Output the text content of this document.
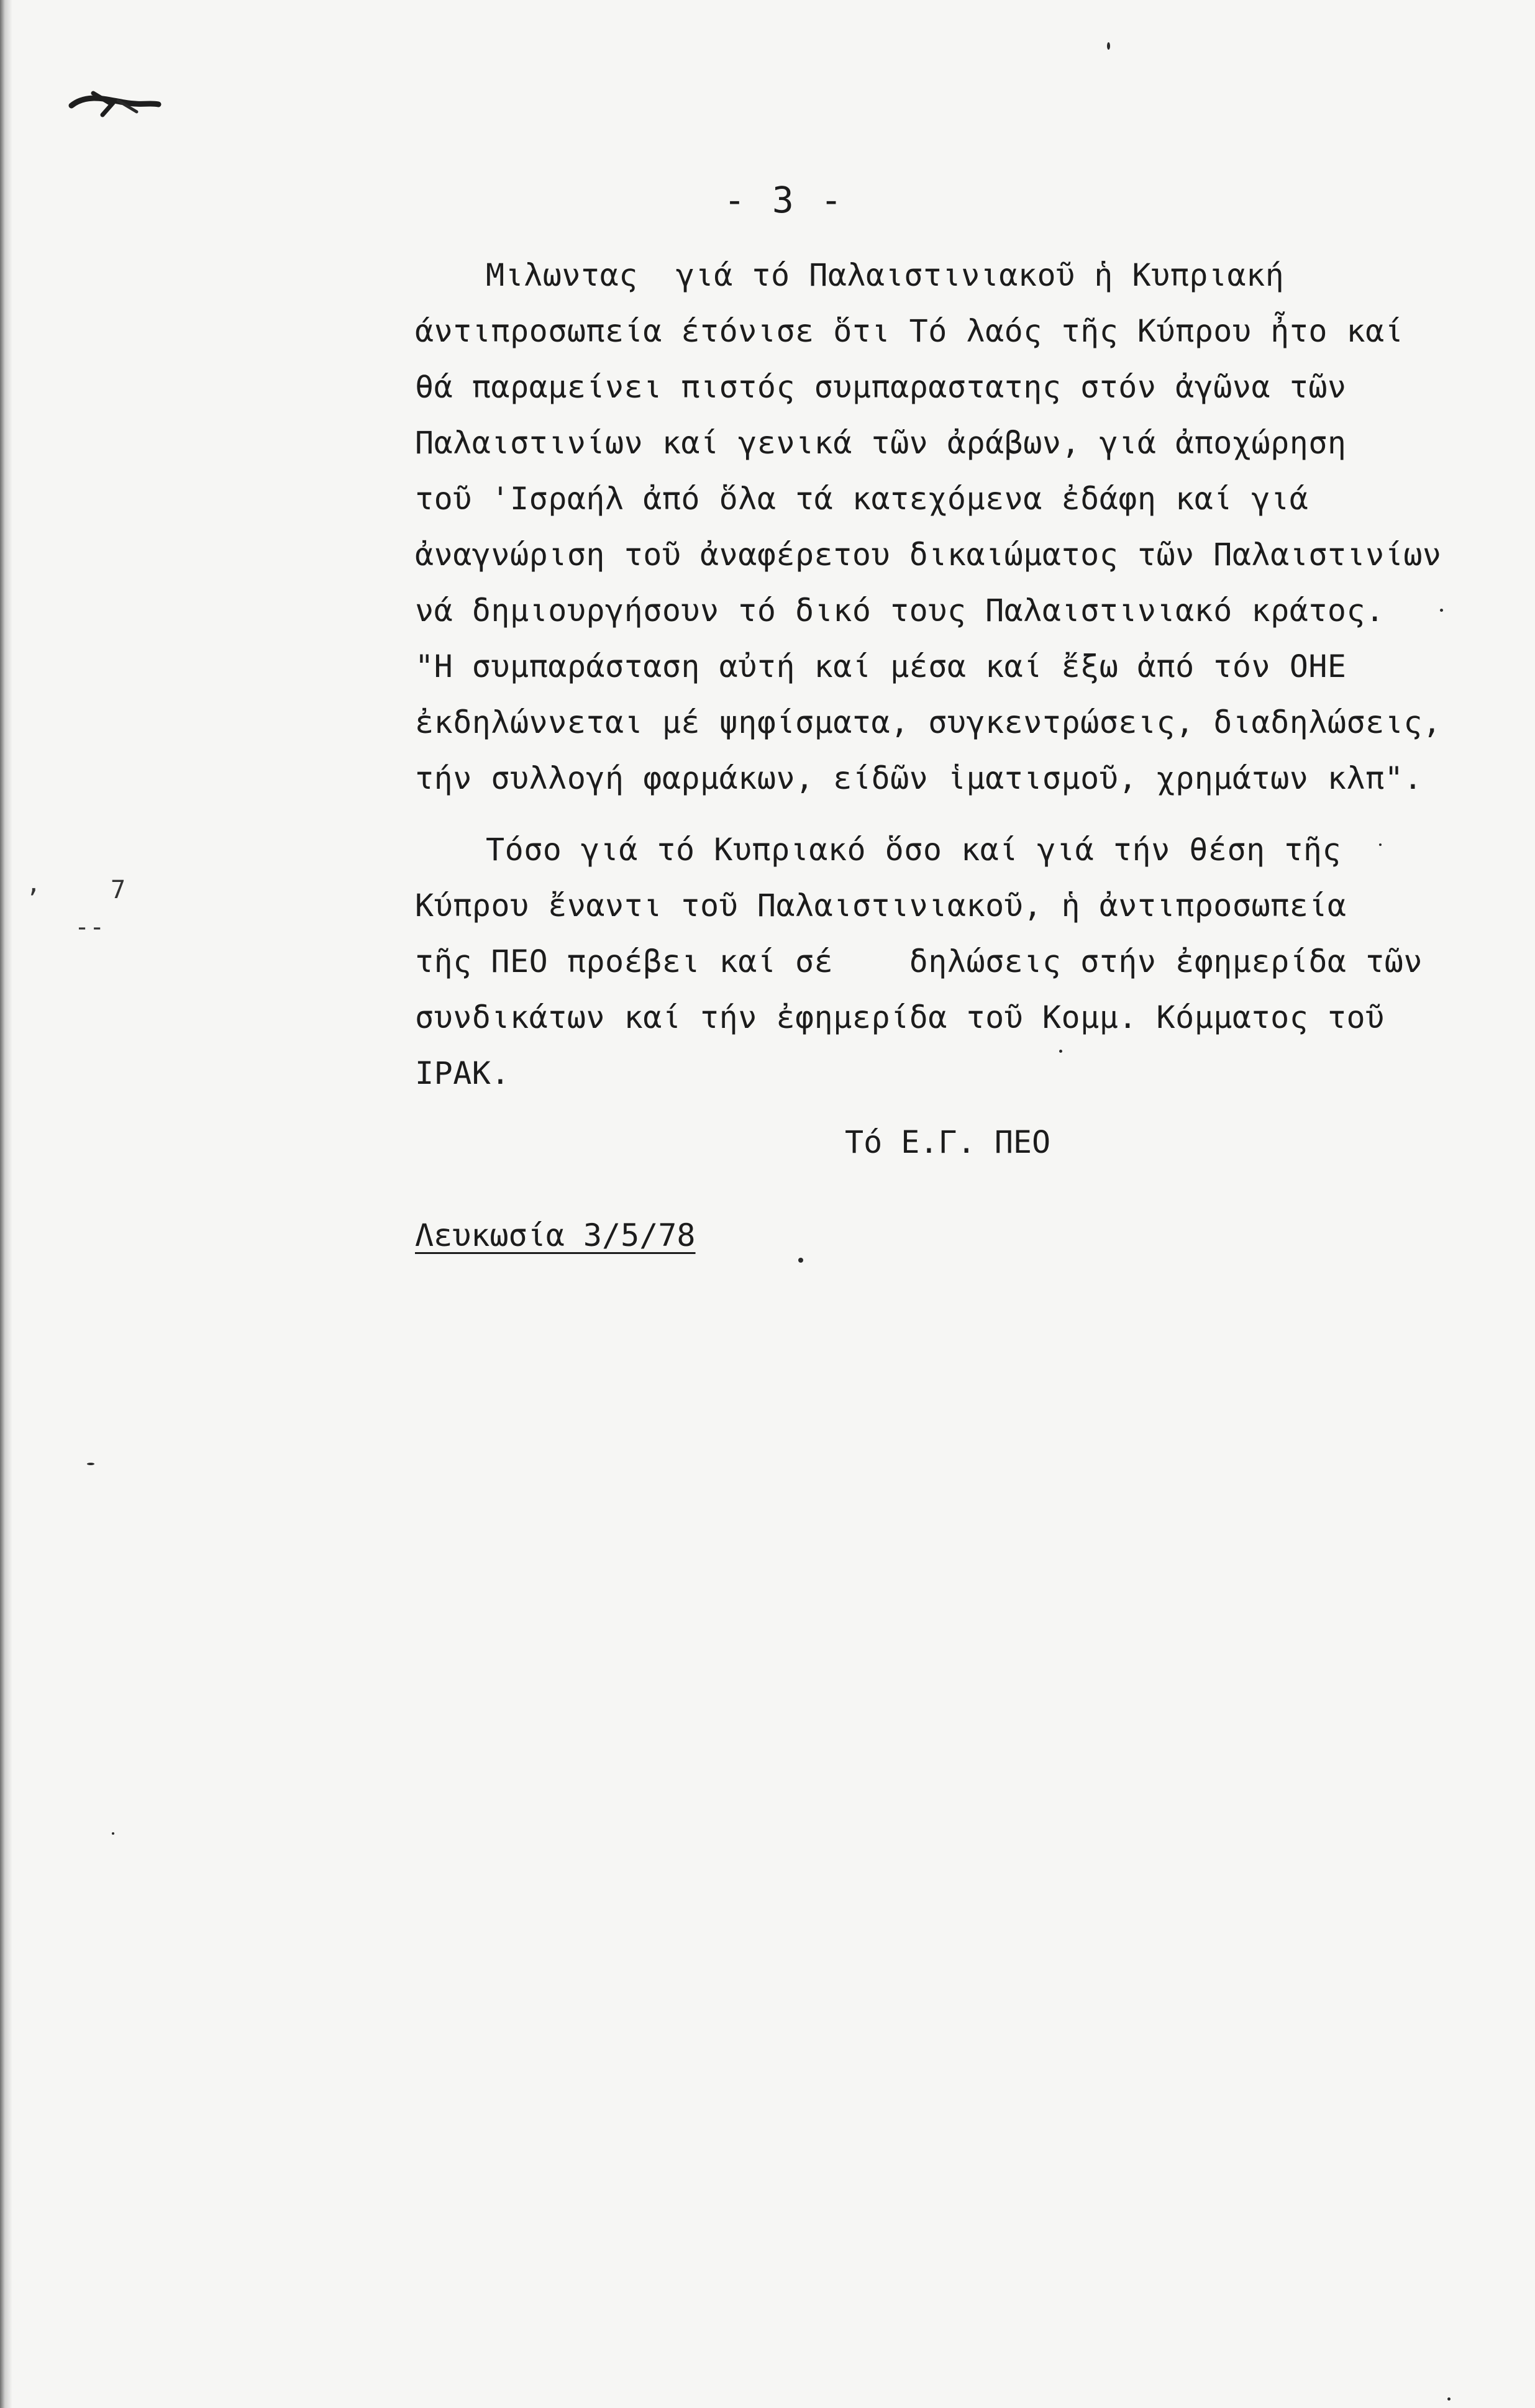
- 3 -
Μιλωντας  γιά τό Παλαιστινιακοῦ ἡ Κυπριακή
άντιπροσωπεία έτόνισε ὅτι Τό λαός τῆς Κύπρου ἦτο καί
θά παραμείνει πιστός συμπαραστατης στόν ἀγῶνα τῶν
Παλαιστινίων καί γενικά τῶν ἀράβων, γιά ἀποχώρηση
τοῦ 'Ισραήλ ἀπό ὅλα τά κατεχόμενα ἐδάφη καί γιά
ἀναγνώριση τοῦ ἀναφέρετου δικαιώματος τῶν Παλαιστινίων
νά δημιουργήσουν τό δικό τους Παλαιστινιακό κράτος.
"Η συμπαράσταση αὐτή καί μέσα καί ἔξω ἀπό τόν ΟΗΕ
ἐκδηλώννεται μέ ψηφίσματα, συγκεντρώσεις, διαδηλώσεις,
τήν συλλογή φαρμάκων, είδῶν ἱματισμοῦ, χρημάτων κλπ".
Τόσο γιά τό Κυπριακό ὅσο καί γιά τήν θέση τῆς
Κύπρου ἔναντι τοῦ Παλαιστινιακοῦ, ἡ ἀντιπροσωπεία
τῆς ΠΕΟ προέβει καί σέ    δηλώσεις στήν ἐφημερίδα τῶν
συνδικάτων καί τήν ἐφημερίδα τοῦ Κομμ. Κόμματος τοῦ
ΙΡΑΚ.
Τό Ε.Γ. ΠΕΟ
Λευκωσία 3/5/78
‚	7
-‑
